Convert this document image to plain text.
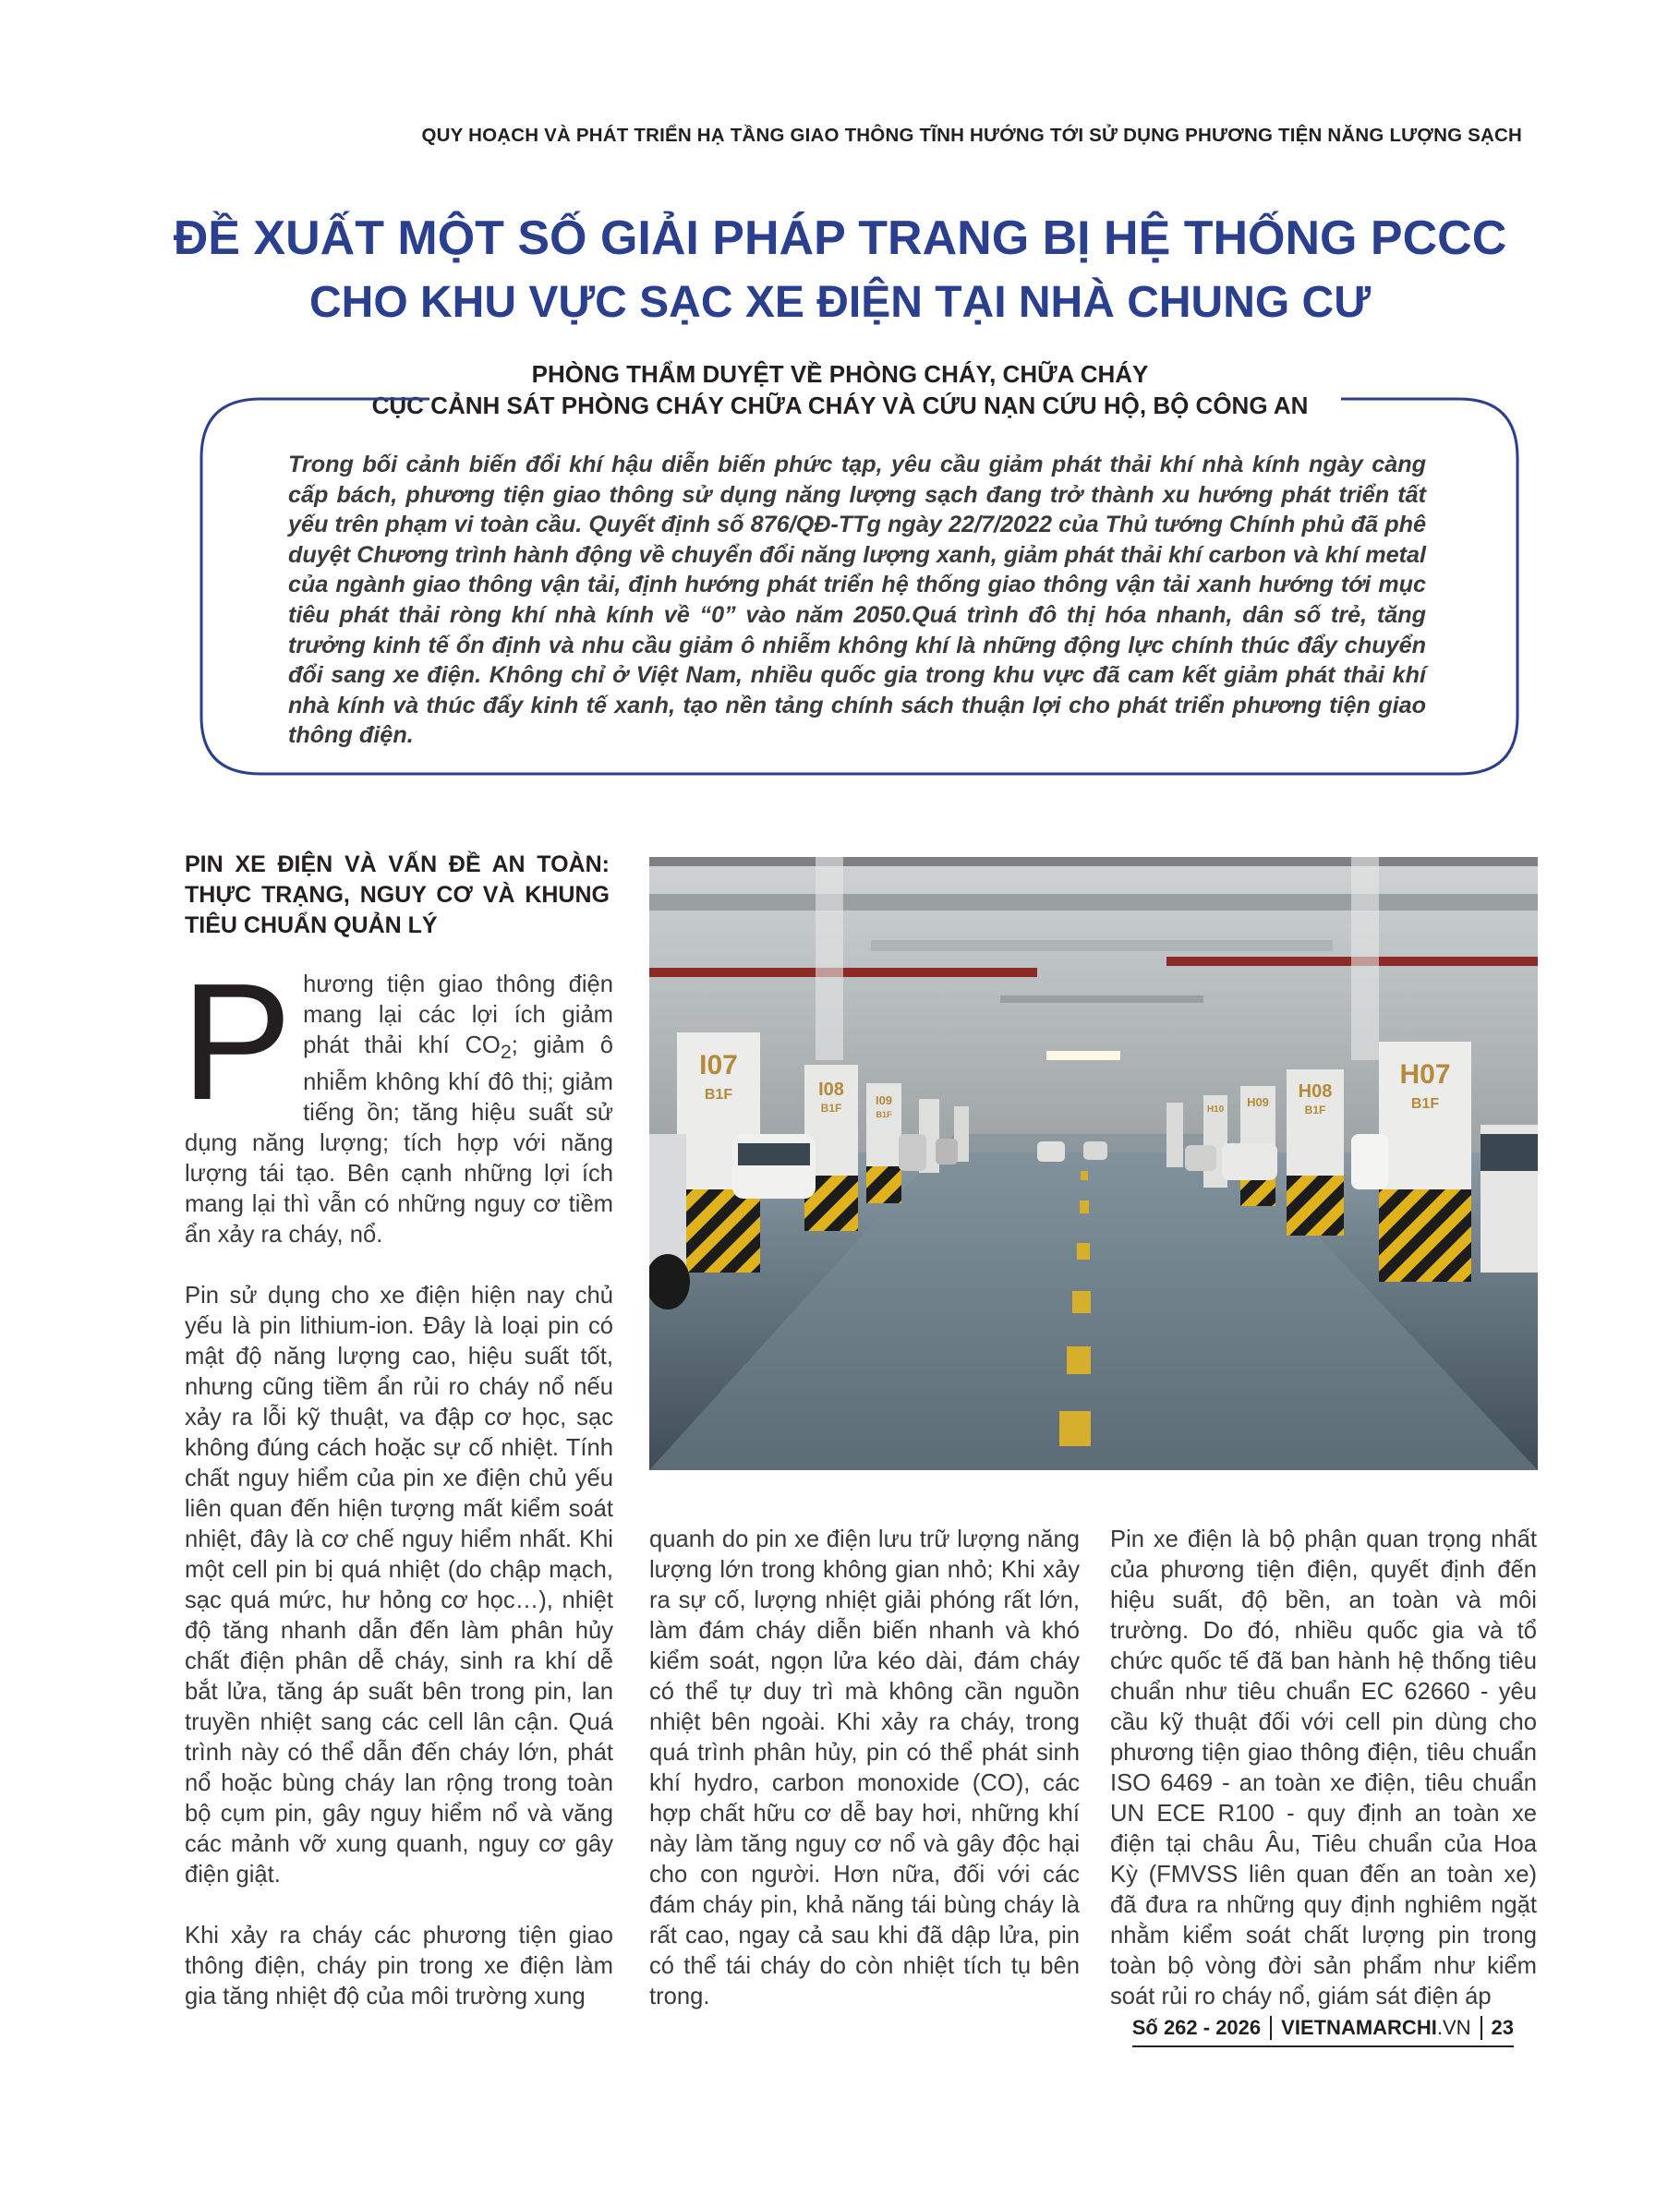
QUY HOẠCH VÀ PHÁT TRIỂN HẠ TẦNG GIAO THÔNG TĨNH HƯỚNG TỚI SỬ DỤNG PHƯƠNG TIỆN NĂNG LƯỢNG SẠCH
ĐỀ XUẤT MỘT SỐ GIẢI PHÁP TRANG BỊ HỆ THỐNG PCCC
CHO KHU VỰC SẠC XE ĐIỆN TẠI NHÀ CHUNG CƯ
PHÒNG THẨM DUYỆT VỀ PHÒNG CHÁY, CHỮA CHÁY
CỤC CẢNH SÁT PHÒNG CHÁY CHỮA CHÁY VÀ CỨU NẠN CỨU HỘ, BỘ CÔNG AN
Trong bối cảnh biến đổi khí hậu diễn biến phức tạp, yêu cầu giảm phát thải khí nhà kính ngày càng cấp bách, phương tiện giao thông sử dụng năng lượng sạch đang trở thành xu hướng phát triển tất yếu trên phạm vi toàn cầu. Quyết định số 876/QĐ-TTg ngày 22/7/2022 của Thủ tướng Chính phủ đã phê duyệt Chương trình hành động về chuyển đổi năng lượng xanh, giảm phát thải khí carbon và khí metal của ngành giao thông vận tải, định hướng phát triển hệ thống giao thông vận tải xanh hướng tới mục tiêu phát thải ròng khí nhà kính về “0” vào năm 2050.Quá trình đô thị hóa nhanh, dân số trẻ, tăng trưởng kinh tế ổn định và nhu cầu giảm ô nhiễm không khí là những động lực chính thúc đẩy chuyển đổi sang xe điện. Không chỉ ở Việt Nam, nhiều quốc gia trong khu vực đã cam kết giảm phát thải khí nhà kính và thúc đẩy kinh tế xanh, tạo nền tảng chính sách thuận lợi cho phát triển phương tiện giao thông điện.
PIN XE ĐIỆN VÀ VẤN ĐỀ AN TOÀN: THỰC TRẠNG, NGUY CƠ VÀ KHUNG TIÊU CHUẨN QUẢN LÝ
I07
B1F	I08
B1F
I09
B1F
H07
B1F
H08
B1F
H09
H10

Phương tiện giao thông điện mang lại các lợi ích giảm phát thải khí $CO_2$; giảm ô nhiễm không khí đô thị; giảm tiếng ồn; tăng hiệu suất sử dụng năng lượng; tích hợp với năng lượng tái tạo. Bên cạnh những lợi ích mang lại thì vẫn có những nguy cơ tiềm ẩn xảy ra cháy, nổ.

Pin sử dụng cho xe điện hiện nay chủ yếu là pin lithium-ion. Đây là loại pin có mật độ năng lượng cao, hiệu suất tốt, nhưng cũng tiềm ẩn rủi ro cháy nổ nếu xảy ra lỗi kỹ thuật, va đập cơ học, sạc không đúng cách hoặc sự cố nhiệt. Tính chất nguy hiểm của pin xe điện chủ yếu liên quan đến hiện tượng mất kiểm soát nhiệt, đây là cơ chế nguy hiểm nhất. Khi một cell pin bị quá nhiệt (do chập mạch, sạc quá mức, hư hỏng cơ học…), nhiệt độ tăng nhanh dẫn đến làm phân hủy chất điện phân dễ cháy, sinh ra khí dễ bắt lửa, tăng áp suất bên trong pin, lan truyền nhiệt sang các cell lân cận. Quá trình này có thể dẫn đến cháy lớn, phát nổ hoặc bùng cháy lan rộng trong toàn bộ cụm pin, gây nguy hiểm nổ và văng các mảnh vỡ xung quanh, nguy cơ gây điện giật.

Khi xảy ra cháy các phương tiện giao thông điện, cháy pin trong xe điện làm gia tăng nhiệt độ của môi trường xung

quanh do pin xe điện lưu trữ lượng năng lượng lớn trong không gian nhỏ; Khi xảy ra sự cố, lượng nhiệt giải phóng rất lớn, làm đám cháy diễn biến nhanh và khó kiểm soát, ngọn lửa kéo dài, đám cháy có thể tự duy trì mà không cần nguồn nhiệt bên ngoài. Khi xảy ra cháy, trong quá trình phân hủy, pin có thể phát sinh khí hydro, carbon monoxide (CO), các hợp chất hữu cơ dễ bay hơi, những khí này làm tăng nguy cơ nổ và gây độc hại cho con người. Hơn nữa, đối với các đám cháy pin, khả năng tái bùng cháy là rất cao, ngay cả sau khi đã dập lửa, pin có thể tái cháy do còn nhiệt tích tụ bên trong.
Pin xe điện là bộ phận quan trọng nhất của phương tiện điện, quyết định đến hiệu suất, độ bền, an toàn và môi trường. Do đó, nhiều quốc gia và tổ chức quốc tế đã ban hành hệ thống tiêu chuẩn như tiêu chuẩn EC 62660 - yêu cầu kỹ thuật đối với cell pin dùng cho phương tiện giao thông điện, tiêu chuẩn ISO 6469 - an toàn xe điện, tiêu chuẩn UN ECE R100 - quy định an toàn xe điện tại châu Âu, Tiêu chuẩn của Hoa Kỳ (FMVSS liên quan đến an toàn xe) đã đưa ra những quy định nghiêm ngặt nhằm kiểm soát chất lượng pin trong toàn bộ vòng đời sản phẩm như kiểm soát rủi ro cháy nổ, giám sát điện áp
Số 262 - 2026 VIETNAMARCHI .VN 23
